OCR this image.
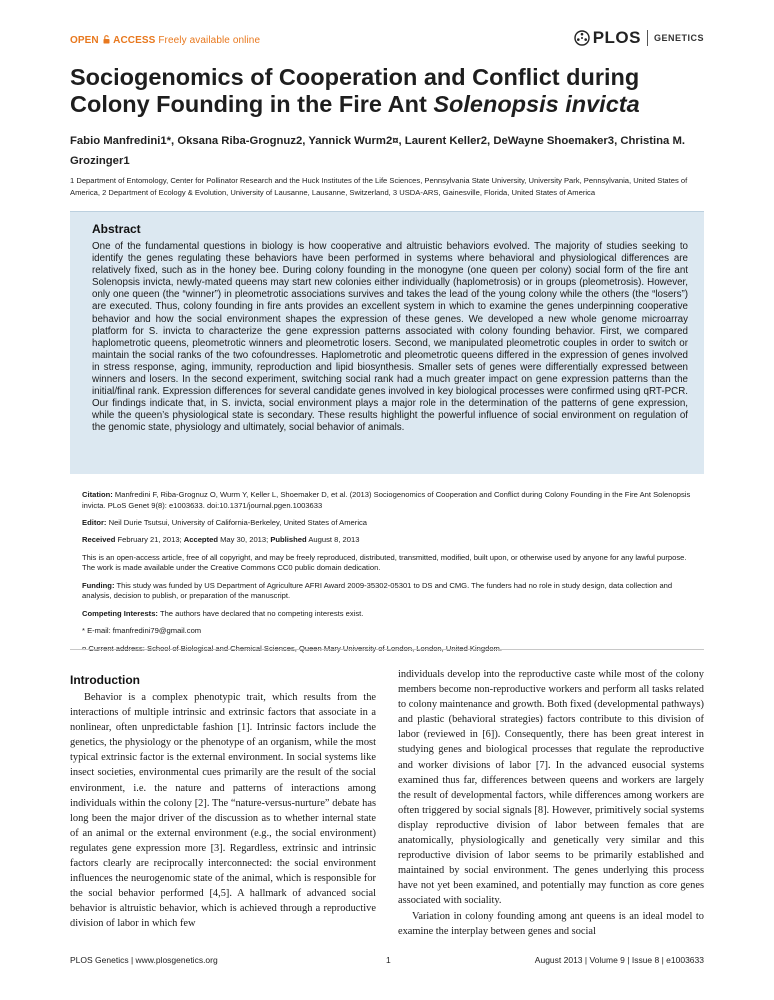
OPEN ACCESS Freely available online	PLOS GENETICS
Sociogenomics of Cooperation and Conflict during Colony Founding in the Fire Ant Solenopsis invicta
Fabio Manfredini1*, Oksana Riba-Grognuz2, Yannick Wurm2¤, Laurent Keller2, DeWayne Shoemaker3, Christina M. Grozinger1
1 Department of Entomology, Center for Pollinator Research and the Huck Institutes of the Life Sciences, Pennsylvania State University, University Park, Pennsylvania, United States of America, 2 Department of Ecology & Evolution, University of Lausanne, Lausanne, Switzerland, 3 USDA-ARS, Gainesville, Florida, United States of America
Abstract
One of the fundamental questions in biology is how cooperative and altruistic behaviors evolved. The majority of studies seeking to identify the genes regulating these behaviors have been performed in systems where behavioral and physiological differences are relatively fixed, such as in the honey bee. During colony founding in the monogyne (one queen per colony) social form of the fire ant Solenopsis invicta, newly-mated queens may start new colonies either individually (haplometrosis) or in groups (pleometrosis). However, only one queen (the “winner”) in pleometrotic associations survives and takes the lead of the young colony while the others (the “losers”) are executed. Thus, colony founding in fire ants provides an excellent system in which to examine the genes underpinning cooperative behavior and how the social environment shapes the expression of these genes. We developed a new whole genome microarray platform for S. invicta to characterize the gene expression patterns associated with colony founding behavior. First, we compared haplometrotic queens, pleometrotic winners and pleometrotic losers. Second, we manipulated pleometrotic couples in order to switch or maintain the social ranks of the two cofoundresses. Haplometrotic and pleometrotic queens differed in the expression of genes involved in stress response, aging, immunity, reproduction and lipid biosynthesis. Smaller sets of genes were differentially expressed between winners and losers. In the second experiment, switching social rank had a much greater impact on gene expression patterns than the initial/final rank. Expression differences for several candidate genes involved in key biological processes were confirmed using qRT-PCR. Our findings indicate that, in S. invicta, social environment plays a major role in the determination of the patterns of gene expression, while the queen’s physiological state is secondary. These results highlight the powerful influence of social environment on regulation of the genomic state, physiology and ultimately, social behavior of animals.

Citation: Manfredini F, Riba-Grognuz O, Wurm Y, Keller L, Shoemaker D, et al. (2013) Sociogenomics of Cooperation and Conflict during Colony Founding in the Fire Ant Solenopsis invicta. PLoS Genet 9(8): e1003633. doi:10.1371/journal.pgen.1003633

Editor: Neil Durie Tsutsui, University of California-Berkeley, United States of America

Received February 21, 2013; Accepted May 30, 2013; Published August 8, 2013

This is an open-access article, free of all copyright, and may be freely reproduced, distributed, transmitted, modified, built upon, or otherwise used by anyone for any lawful purpose. The work is made available under the Creative Commons CC0 public domain dedication.

Funding: This study was funded by US Department of Agriculture AFRI Award 2009-35302-05301 to DS and CMG. The funders had no role in study design, data collection and analysis, decision to publish, or preparation of the manuscript.

Competing Interests: The authors have declared that no competing interests exist.

* E-mail: fmanfredini79@gmail.com

Introduction

Behavior is a complex phenotypic trait, which results from the interactions of multiple intrinsic and extrinsic factors that associate in a nonlinear, often unpredictable fashion [1]. Intrinsic factors include the genetics, the physiology or the phenotype of an organism, while the most typical extrinsic factor is the external environment. In social systems like insect societies, environmental cues primarily are the result of the social environment, i.e. the nature and patterns of interactions among individuals within the colony [2]. The “nature-versus-nurture” debate has long been the major driver of the discussion as to whether internal state of an animal or the external environment (e.g., the social environment) regulates gene expression more [3]. Regardless, extrinsic and intrinsic factors clearly are reciprocally interconnected: the social environment influences the neurogenomic state of the animal, which is responsible for the social behavior performed [4,5]. A hallmark of advanced social behavior is altruistic behavior, which is achieved through a reproductive division of labor in which few

individuals develop into the reproductive caste while most of the colony members become non-reproductive workers and perform all tasks related to colony maintenance and growth. Both fixed (developmental pathways) and plastic (behavioral strategies) factors contribute to this division of labor (reviewed in [6]). Consequently, there has been great interest in studying genes and biological processes that regulate the reproductive and worker divisions of labor [7]. In the advanced eusocial systems examined thus far, differences between queens and workers are largely the result of developmental factors, while differences among workers are often triggered by social signals [8]. However, primitively social systems display reproductive division of labor between females that are anatomically, physiologically and genetically very similar and this reproductive division of labor seems to be primarily established and maintained by social environment. The genes underlying this process have not yet been examined, and potentially may function as core genes associated with sociality.

Variation in colony founding among ant queens is an ideal model to examine the interplay between genes and social

PLOS Genetics | www.plosgenetics.org	1	August 2013 | Volume 9 | Issue 8 | e1003633
